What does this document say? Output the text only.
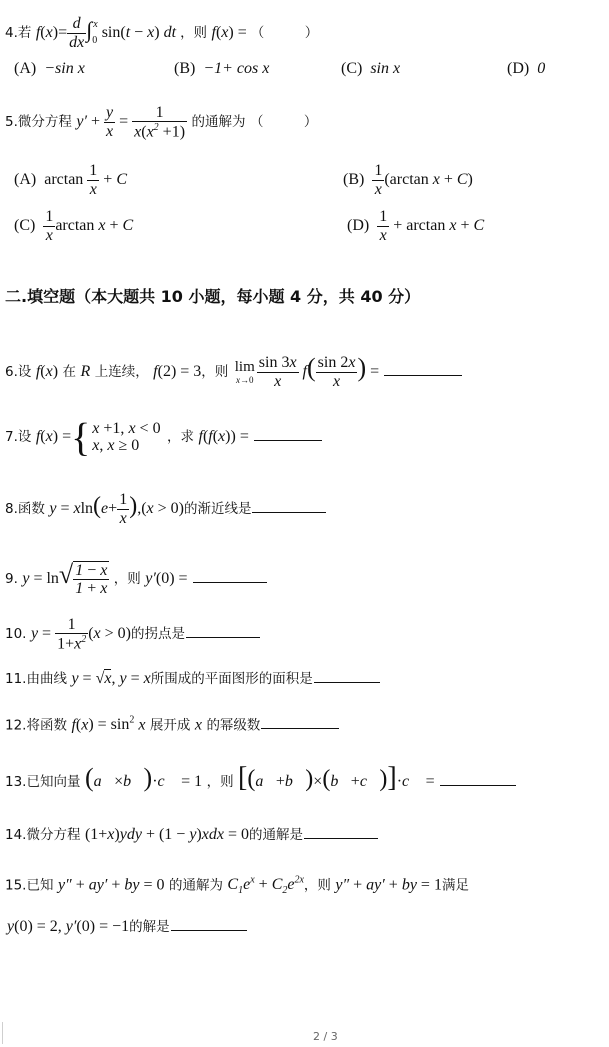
4.若 $f(x)= \frac{d}{dx} \int_0^x$ sin(t − x) dt ，则 f(x) = （　　　）
(A) −sin x	(B) −1+ cos x	(C) sin x	(D) 0
5.微分方程 $y' + \frac{y}{x} = \frac{1}{x(x^2 +1)}$ 的通解为 （　　　）
(A) $\arctan \frac{1}{x} + C$	$(B) \frac{1}{x} (\arctan$ x + C)
$(C) \frac{1}{x}$ arctan x + C	$(D) \frac{1}{x} + \arctan x + C$
二.填空题（本大题共 10 小题，每小题 4 分，共 40 分）
6.设 f(x) 在 R 上连续， f(2) = 3，则 lim
$x\to 0 \frac{\sin 3x}{x} f( \frac{\sin 2x}{x}$ ) =
7.设 f(x) ={ x +1, x < 0
x, x ≥ 0
，求 f(f(x)) =
8.函数 $y = xln(e+ \frac{1}{x} ),(x > 0)$的渐近线是
9. $y = \ln√ \frac{1 - x}{1 + x}$ ，则 y′(0) =
10. $y = \frac{1}{1+x^2} (x > 0)$的拐点是
11.由曲线 y = √x, y = x所围成的平面图形的面积是
12.将函数 $f(x) = \sin^2 x$ 展开成 x 的幂级数
13.已知向量 (a⃗×b⃗)·c⃗ = 1 ，则 [(a⃗+b⃗)×(b⃗+c⃗)]·c⃗ =
14.微分方程 (1+x)ydy + (1 − y)xdx = 0的通解是
15.已知 y″ + ay′ + by = 0 的通解为 $C_1e^x + C_2e^{2x}$，则 y″ + ay′ + by = 1满足
y(0) = 2, y′(0) = −1的解是
2 / 3
